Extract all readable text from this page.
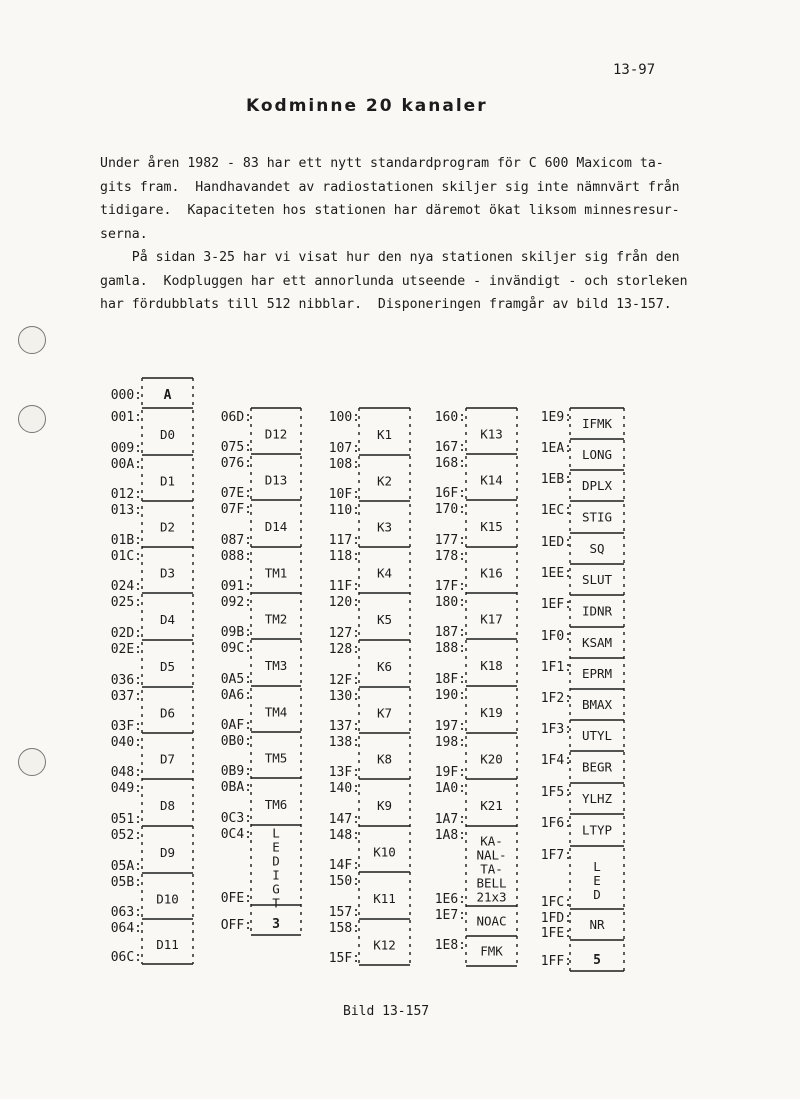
13-97
Kodminne 20 kanaler

Under åren 1982 - 83 har ett nytt standardprogram för C 600 Maxicom ta-
gits fram.  Handhavandet av radiostationen skiljer sig inte nämnvärt från
tidigare.  Kapaciteten hos stationen har däremot ökat liksom minnesresur-
serna.

På sidan 3-25 har vi visat hur den nya stationen skiljer sig från den
gamla.  Kodpluggen har ett annorlunda utseende - invändigt - och storleken
har fördubblats till 512 nibblar.  Disponeringen framgår av bild 13-157.

000: A
001:
009:
D0
00A:
012:
D1
013:
01B:
D2
01C:
024:
D3
025:
02D:
D4
02E:
036:
D5
037:
03F:
D6
040:
048:
D7
049:
051:
D8
052:
05A:
D9
05B:
063:
D10
064:
06C:
D11
06D:
075:
D12
076:
07E:
D13
07F:
087:
D14
088:
091:
TM1
092:
09B:
TM2
09C:
0A5:
TM3
0A6:
0AF:
TM4
0B0:
0B9:
TM5
0BA:
0C3:
TM6
0C4:
0FE:
L E D I G T
OFF: 3
100:
107:
K1
108:
10F:
K2
110:
117:
K3
118:
11F:
K4
120:
127:
K5
128:
12F:
K6
130:
137:
K7
138:
13F:
K8
140:
147:
K9
148:
14F:
K10
150:
157:
K11
158:
15F:
K12
160:
167:
K13
168:
16F:
K14
170:
177:
K15
178:
17F:
K16
180:
187:
K17
188:
18F:
K18
190:
197:
K19
198:
19F:
K20
1A0:
1A7:
K21
1A8:
1E6:
KA-NAL-TA-BELL 21x3
1E7: NOAC
1E8: FMK
1E9: IFMK
1EA: LONG
1EB: DPLX
1EC: STIG
1ED: SQ
1EE: SLUT
1EF: IDNR
1F0: KSAM
1F1: EPRM
1F2: BMAX
1F3: UTYL
1F4: BEGR
1F5: YLHZ
1F6: LTYP
1F7:
1FC:
L E D
1FD:
1FE:
NR
1FF: 5
Bild 13-157
